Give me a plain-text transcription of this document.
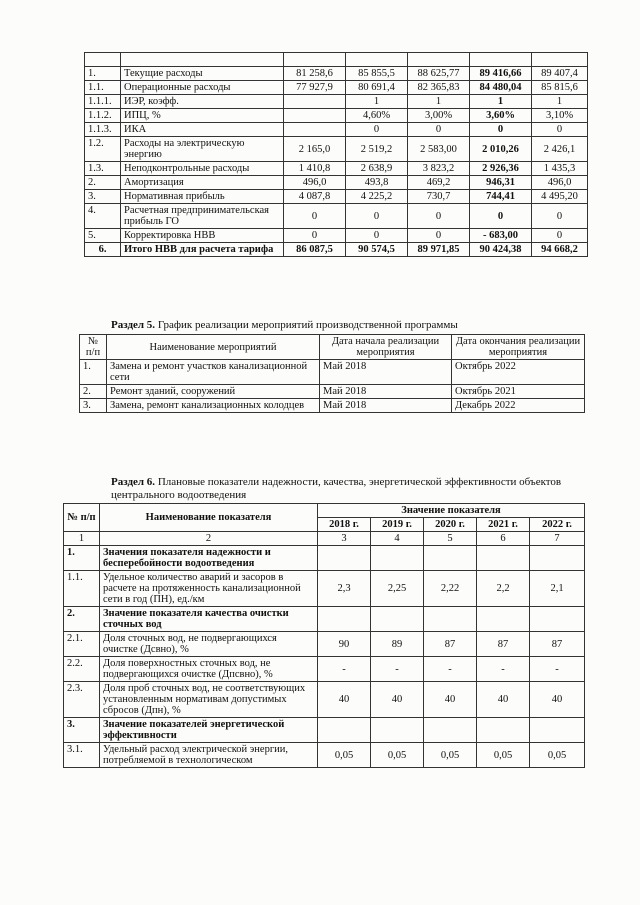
1.	Текущие расходы	81 258,6	85 855,5	88 625,77	89 416,66	89 407,4
1.1.	Операционные расходы	77 927,9	80 691,4	82 365,83	84 480,04	85 815,6
1.1.1.	ИЭР, коэфф.		1	1	1	1
1.1.2.	ИПЦ, %		4,60%	3,00%	3,60%	3,10%
1.1.3.	ИКА		0	0	0	0
1.2.	Расходы на электрическую энергию	2 165,0	2 519,2	2 583,00	2 010,26	2 426,1
1.3.	Неподконтрольные расходы	1 410,8	2 638,9	3 823,2	2 926,36	1 435,3
2.	Амортизация	496,0	493,8	469,2	946,31	496,0
3.	Нормативная прибыль	4 087,8	4 225,2	730,7	744,41	4 495,20
4.	Расчетная предпринимательская прибыль ГО	0	0	0	0	0
5.	Корректировка НВВ	0	0	0	- 683,00	0
6.	Итого НВВ для расчета тарифа	86 087,5	90 574,5	89 971,85	90 424,38	94 668,2
Раздел 5. График реализации мероприятий производственной программы
№ п/п	Наименование мероприятий	Дата начала реализации мероприятия	Дата окончания реализации мероприятия
1.	Замена и ремонт участков канализационной сети	Май 2018	Октябрь 2022
2.	Ремонт зданий, сооружений	Май 2018	Октябрь 2021
3.	Замена, ремонт канализационных колодцев	Май 2018	Декабрь 2022
Раздел 6. Плановые показатели надежности, качества, энергетической эффективности объектов центрального водоотведения
№ п/п	Наименование показателя	Значение показателя				
		2018 г.	2019 г.	2020 г.	2021 г.	2022 г.
1	2	3	4	5	6	7
1.	Значения показателя надежности и бесперебойности водоотведения					
1.1.	Удельное количество аварий и засоров в расчете на протяженность канализационной сети в год (ПН), ед./км	2,3	2,25	2,22	2,2	2,1
2.	Значение показателя качества очистки сточных вод					
2.1.	Доля сточных вод, не подвергающихся очистке (Дсвно), %	90	89	87	87	87
2.2.	Доля поверхностных сточных вод, не подвергающихся очистке (Дпсвно), %	-	-	-	-	-
2.3.	Доля проб сточных вод, не соответствующих установленным нормативам допустимых сбросов (Дпн), %	40	40	40	40	40
3.	Значение показателей энергетической эффективности					
3.1.	Удельный расход электрической энергии, потребляемой в технологическом	0,05	0,05	0,05	0,05	0,05
